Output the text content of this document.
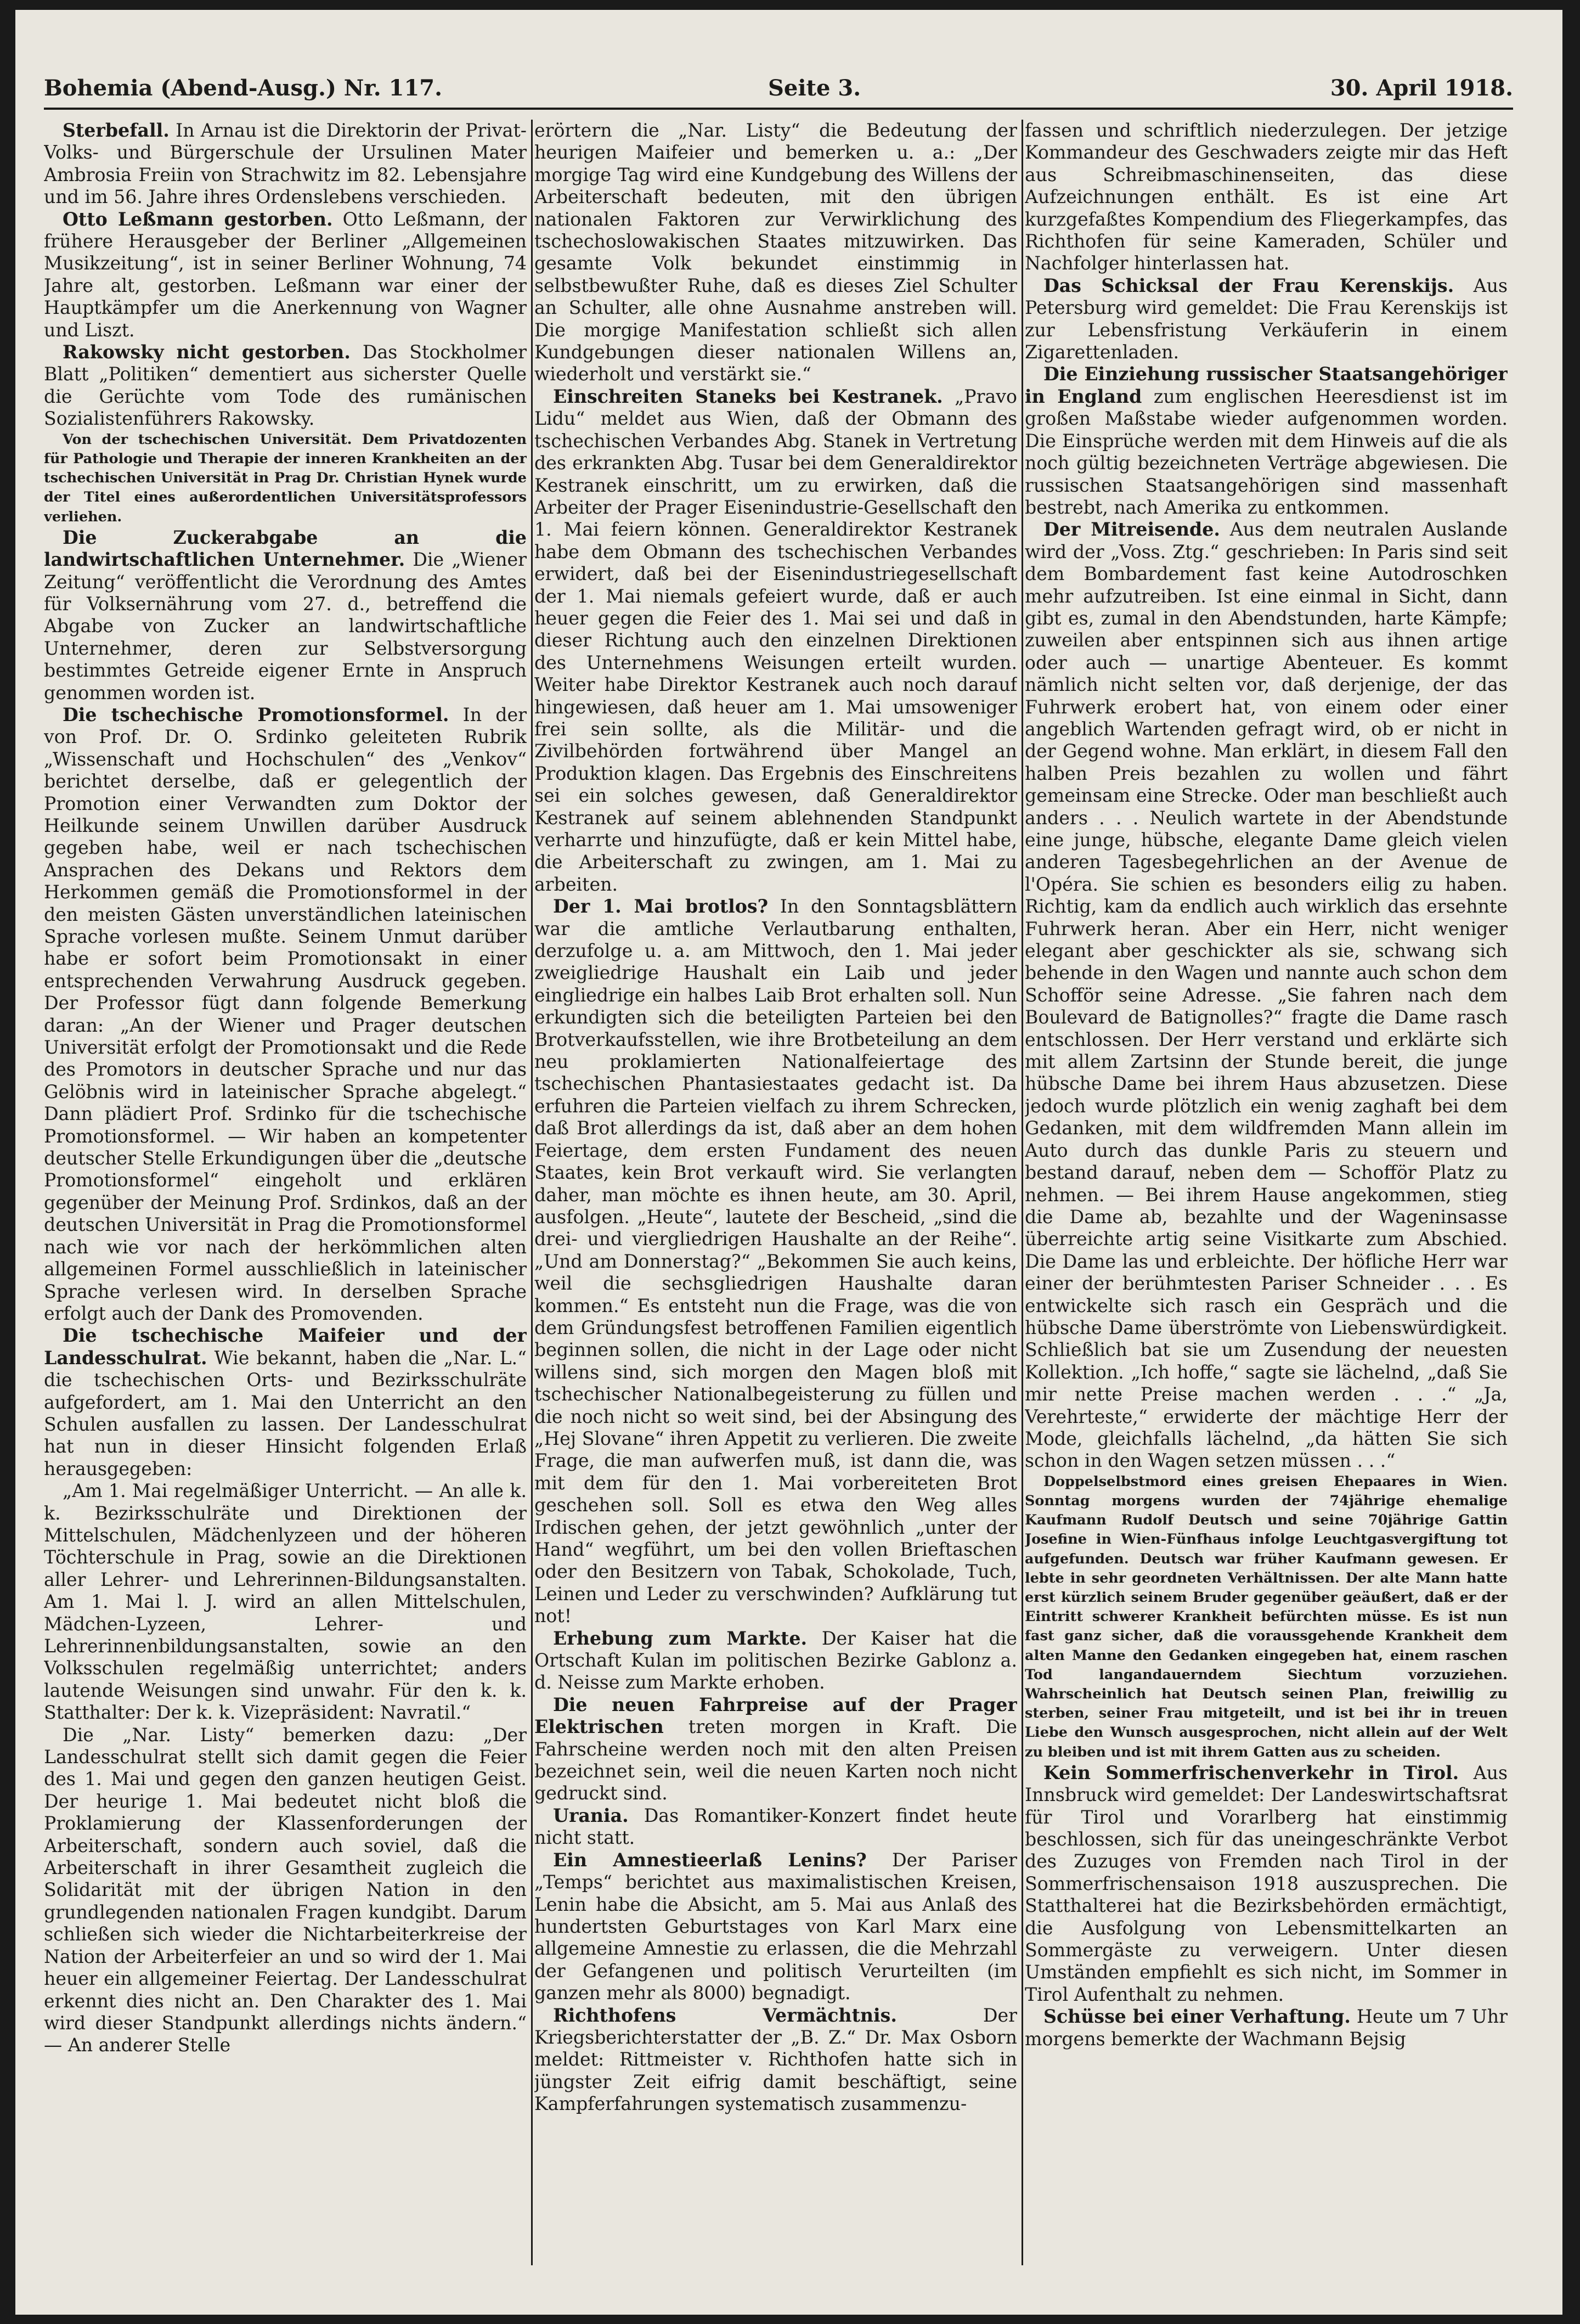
Bohemia (Abend-Ausg.) Nr. 117.	Seite 3.	30. April 1918.

Sterbefall. In Arnau ist die Direktorin der Privat-Volks- und Bürgerschule der Ursulinen Mater Ambrosia Freiin von Strachwitz im 82. Lebensjahre und im 56. Jahre ihres Ordenslebens verschieden.

Otto Leßmann gestorben. Otto Leßmann, der frühere Herausgeber der Berliner „Allgemeinen Musikzeitung“, ist in seiner Berliner Wohnung, 74 Jahre alt, gestorben. Leßmann war einer der Hauptkämpfer um die Anerkennung von Wagner und Liszt.

Rakowsky nicht gestorben. Das Stockholmer Blatt „Politiken“ dementiert aus sicherster Quelle die Gerüchte vom Tode des rumänischen Sozialistenführers Rakowsky.

Von der tschechischen Universität. Dem Privatdozenten für Pathologie und Therapie der inneren Krankheiten an der tschechischen Universität in Prag Dr. Christian Hynek wurde der Titel eines außerordentlichen Universitätsprofessors verliehen.

Die Zuckerabgabe an die landwirtschaftlichen Unternehmer. Die „Wiener Zeitung“ veröffentlicht die Verordnung des Amtes für Volksernährung vom 27. d., betreffend die Abgabe von Zucker an landwirtschaftliche Unternehmer, deren zur Selbstversorgung bestimmtes Getreide eigener Ernte in Anspruch genommen worden ist.

Die tschechische Promotionsformel. In der von Prof. Dr. O. Srdinko geleiteten Rubrik „Wissenschaft und Hochschulen“ des „Venkov“ berichtet derselbe, daß er gelegentlich der Promotion einer Verwandten zum Doktor der Heilkunde seinem Unwillen darüber Ausdruck gegeben habe, weil er nach tschechischen Ansprachen des Dekans und Rektors dem Herkommen gemäß die Promotionsformel in der den meisten Gästen unverständlichen lateinischen Sprache vorlesen mußte. Seinem Unmut darüber habe er sofort beim Promotionsakt in einer entsprechenden Verwahrung Ausdruck gegeben. Der Professor fügt dann folgende Bemerkung daran: „An der Wiener und Prager deutschen Universität erfolgt der Promotionsakt und die Rede des Promotors in deutscher Sprache und nur das Gelöbnis wird in lateinischer Sprache abgelegt.“ Dann plädiert Prof. Srdinko für die tschechische Promotionsformel. — Wir haben an kompetenter deutscher Stelle Erkundigungen über die „deutsche Promotionsformel“ eingeholt und erklären gegenüber der Meinung Prof. Srdinkos, daß an der deutschen Universität in Prag die Promotionsformel nach wie vor nach der herkömmlichen alten allgemeinen Formel ausschließlich in lateinischer Sprache verlesen wird. In derselben Sprache erfolgt auch der Dank des Promovenden.

Die tschechische Maifeier und der Landesschulrat. Wie bekannt, haben die „Nar. L.“ die tschechischen Orts- und Bezirksschulräte aufgefordert, am 1. Mai den Unterricht an den Schulen ausfallen zu lassen. Der Landesschulrat hat nun in dieser Hinsicht folgenden Erlaß herausgegeben:

„Am 1. Mai regelmäßiger Unterricht. — An alle k. k. Bezirksschulräte und Direktionen der Mittelschulen, Mädchenlyzeen und der höheren Töchterschule in Prag, sowie an die Direktionen aller Lehrer- und Lehrerinnen-Bildungsanstalten. Am 1. Mai l. J. wird an allen Mittelschulen, Mädchen-Lyzeen, Lehrer- und Lehrerinnenbildungsanstalten, sowie an den Volksschulen regelmäßig unterrichtet; anders lautende Weisungen sind unwahr. Für den k. k. Statthalter: Der k. k. Vizepräsident: Navratil.“

Die „Nar. Listy“ bemerken dazu: „Der Landesschulrat stellt sich damit gegen die Feier des 1. Mai und gegen den ganzen heutigen Geist. Der heurige 1. Mai bedeutet nicht bloß die Proklamierung der Klassenforderungen der Arbeiterschaft, sondern auch soviel, daß die Arbeiterschaft in ihrer Gesamtheit zugleich die Solidarität mit der übrigen Nation in den grundlegenden nationalen Fragen kundgibt. Darum schließen sich wieder die Nichtarbeiterkreise der Nation der Arbeiterfeier an und so wird der 1. Mai heuer ein allgemeiner Feiertag. Der Landesschulrat erkennt dies nicht an. Den Charakter des 1. Mai wird dieser Standpunkt allerdings nichts ändern.“ — An anderer Stelle

erörtern die „Nar. Listy“ die Bedeutung der heurigen Maifeier und bemerken u. a.: „Der morgige Tag wird eine Kundgebung des Willens der Arbeiterschaft bedeuten, mit den übrigen nationalen Faktoren zur Verwirklichung des tschechoslowakischen Staates mitzuwirken. Das gesamte Volk bekundet einstimmig in selbstbewußter Ruhe, daß es dieses Ziel Schulter an Schulter, alle ohne Ausnahme anstreben will. Die morgige Manifestation schließt sich allen Kundgebungen dieser nationalen Willens an, wiederholt und verstärkt sie.“

Einschreiten Staneks bei Kestranek. „Pravo Lidu“ meldet aus Wien, daß der Obmann des tschechischen Verbandes Abg. Stanek in Vertretung des erkrankten Abg. Tusar bei dem Generaldirektor Kestranek einschritt, um zu erwirken, daß die Arbeiter der Prager Eisenindustrie-Gesellschaft den 1. Mai feiern können. Generaldirektor Kestranek habe dem Obmann des tschechischen Verbandes erwidert, daß bei der Eisenindustriegesellschaft der 1. Mai niemals gefeiert wurde, daß er auch heuer gegen die Feier des 1. Mai sei und daß in dieser Richtung auch den einzelnen Direktionen des Unternehmens Weisungen erteilt wurden. Weiter habe Direktor Kestranek auch noch darauf hingewiesen, daß heuer am 1. Mai umsoweniger frei sein sollte, als die Militär- und die Zivilbehörden fortwährend über Mangel an Produktion klagen. Das Ergebnis des Einschreitens sei ein solches gewesen, daß Generaldirektor Kestranek auf seinem ablehnenden Standpunkt verharrte und hinzufügte, daß er kein Mittel habe, die Arbeiterschaft zu zwingen, am 1. Mai zu arbeiten.

Der 1. Mai brotlos? In den Sonntagsblättern war die amtliche Verlautbarung enthalten, derzufolge u. a. am Mittwoch, den 1. Mai jeder zweigliedrige Haushalt ein Laib und jeder eingliedrige ein halbes Laib Brot erhalten soll. Nun erkundigten sich die beteiligten Parteien bei den Brotverkaufsstellen, wie ihre Brotbeteilung an dem neu proklamierten Nationalfeiertage des tschechischen Phantasiestaates gedacht ist. Da erfuhren die Parteien vielfach zu ihrem Schrecken, daß Brot allerdings da ist, daß aber an dem hohen Feiertage, dem ersten Fundament des neuen Staates, kein Brot verkauft wird. Sie verlangten daher, man möchte es ihnen heute, am 30. April, ausfolgen. „Heute“, lautete der Bescheid, „sind die drei- und viergliedrigen Haushalte an der Reihe“. „Und am Donnerstag?“ „Bekommen Sie auch keins, weil die sechsgliedrigen Haushalte daran kommen.“ Es entsteht nun die Frage, was die von dem Gründungsfest betroffenen Familien eigentlich beginnen sollen, die nicht in der Lage oder nicht willens sind, sich morgen den Magen bloß mit tschechischer Nationalbegeisterung zu füllen und die noch nicht so weit sind, bei der Absingung des „Hej Slovane“ ihren Appetit zu verlieren. Die zweite Frage, die man aufwerfen muß, ist dann die, was mit dem für den 1. Mai vorbereiteten Brot geschehen soll. Soll es etwa den Weg alles Irdischen gehen, der jetzt gewöhnlich „unter der Hand“ wegführt, um bei den vollen Brieftaschen oder den Besitzern von Tabak, Schokolade, Tuch, Leinen und Leder zu verschwinden? Aufklärung tut not!

Erhebung zum Markte. Der Kaiser hat die Ortschaft Kulan im politischen Bezirke Gablonz a. d. Neisse zum Markte erhoben.

Die neuen Fahrpreise auf der Prager Elektrischen treten morgen in Kraft. Die Fahrscheine werden noch mit den alten Preisen bezeichnet sein, weil die neuen Karten noch nicht gedruckt sind.

Urania. Das Romantiker-Konzert findet heute nicht statt.

Ein Amnestieerlaß Lenins? Der Pariser „Temps“ berichtet aus maximalistischen Kreisen, Lenin habe die Absicht, am 5. Mai aus Anlaß des hundertsten Geburtstages von Karl Marx eine allgemeine Amnestie zu erlassen, die die Mehrzahl der Gefangenen und politisch Verurteilten (im ganzen mehr als 8000) begnadigt.

Richthofens Vermächtnis.	Der Kriegsberichterstatter der „B. Z.“ Dr. Max Osborn meldet: Rittmeister v. Richthofen hatte sich in jüngster Zeit eifrig damit beschäftigt, seine Kampferfahrungen systematisch zusammenzu-

fassen und schriftlich niederzulegen. Der jetzige Kommandeur des Geschwaders zeigte mir das Heft aus Schreibmaschinenseiten, das diese Aufzeichnungen enthält. Es ist eine Art kurzgefaßtes Kompendium des Fliegerkampfes, das Richthofen für seine Kameraden, Schüler und Nachfolger hinterlassen hat.

Das Schicksal der Frau Kerenskijs. Aus Petersburg wird gemeldet: Die Frau Kerenskijs ist zur Lebensfristung Verkäuferin in einem Zigarettenladen.

Die Einziehung russischer Staatsangehöriger in England zum englischen Heeresdienst ist im großen Maßstabe wieder aufgenommen worden. Die Einsprüche werden mit dem Hinweis auf die als noch gültig bezeichneten Verträge abgewiesen. Die russischen Staatsangehörigen sind massenhaft bestrebt, nach Amerika zu entkommen.

Der Mitreisende. Aus dem neutralen Auslande wird der „Voss. Ztg.“ geschrieben: In Paris sind seit dem Bombardement fast keine Autodroschken mehr aufzutreiben. Ist eine einmal in Sicht, dann gibt es, zumal in den Abendstunden, harte Kämpfe; zuweilen aber entspinnen sich aus ihnen artige oder auch — unartige Abenteuer. Es kommt nämlich nicht selten vor, daß derjenige, der das Fuhrwerk erobert hat, von einem oder einer angeblich Wartenden gefragt wird, ob er nicht in der Gegend wohne. Man erklärt, in diesem Fall den halben Preis bezahlen zu wollen und fährt gemeinsam eine Strecke. Oder man beschließt auch anders . . . Neulich wartete in der Abendstunde eine junge, hübsche, elegante Dame gleich vielen anderen Tagesbegehrlichen an der Avenue de l'Opéra. Sie schien es besonders eilig zu haben. Richtig, kam da endlich auch wirklich das ersehnte Fuhrwerk heran. Aber ein Herr, nicht weniger elegant aber geschickter als sie, schwang sich behende in den Wagen und nannte auch schon dem Schofför seine Adresse. „Sie fahren nach dem Boulevard de Batignolles?“ fragte die Dame rasch entschlossen. Der Herr verstand und erklärte sich mit allem Zartsinn der Stunde bereit, die junge hübsche Dame bei ihrem Haus abzusetzen. Diese jedoch wurde plötzlich ein wenig zaghaft bei dem Gedanken, mit dem wildfremden Mann allein im Auto durch das dunkle Paris zu steuern und bestand darauf, neben dem — Schofför Platz zu nehmen. — Bei ihrem Hause angekommen, stieg die Dame ab, bezahlte und der Wageninsasse überreichte artig seine Visitkarte zum Abschied. Die Dame las und erbleichte. Der höfliche Herr war einer der berühmtesten Pariser Schneider . . . Es entwickelte sich rasch ein Gespräch und die hübsche Dame überströmte von Liebenswürdigkeit. Schließlich bat sie um Zusendung der neuesten Kollektion. „Ich hoffe,“ sagte sie lächelnd, „daß Sie mir nette Preise machen werden . . .“ „Ja, Verehrteste,“ erwiderte der mächtige Herr der Mode, gleichfalls lächelnd, „da hätten Sie sich schon in den Wagen setzen müssen . . .“

Doppelselbstmord eines greisen Ehepaares in Wien. Sonntag morgens wurden der 74jährige ehemalige Kaufmann Rudolf Deutsch und seine 70jährige Gattin Josefine in Wien-Fünfhaus infolge Leuchtgasvergiftung tot aufgefunden. Deutsch war früher Kaufmann gewesen. Er lebte in sehr geordneten Verhältnissen. Der alte Mann hatte erst kürzlich seinem Bruder gegenüber geäußert, daß er der Eintritt schwerer Krankheit befürchten müsse. Es ist nun fast ganz sicher, daß die voraussgehende Krankheit dem alten Manne den Gedanken eingegeben hat, einem raschen Tod langandauerndem Siechtum vorzuziehen. Wahrscheinlich hat Deutsch seinen Plan, freiwillig zu sterben, seiner Frau mitgeteilt, und ist bei ihr in treuen Liebe den Wunsch ausgesprochen, nicht allein auf der Welt zu bleiben und ist mit ihrem Gatten aus zu scheiden.

Kein Sommerfrischenverkehr in Tirol. Aus Innsbruck wird gemeldet: Der Landeswirtschaftsrat für Tirol und Vorarlberg hat einstimmig beschlossen, sich für das uneingeschränkte Verbot des Zuzuges von Fremden nach Tirol in der Sommerfrischensaison 1918 auszusprechen. Die Statthalterei hat die Bezirksbehörden ermächtigt, die Ausfolgung von Lebensmittelkarten an Sommergäste zu verweigern. Unter diesen Umständen empfiehlt es sich nicht, im Sommer in Tirol Aufenthalt zu nehmen.

Schüsse bei einer Verhaftung. Heute um 7 Uhr morgens bemerkte der Wachmann Bejsig
